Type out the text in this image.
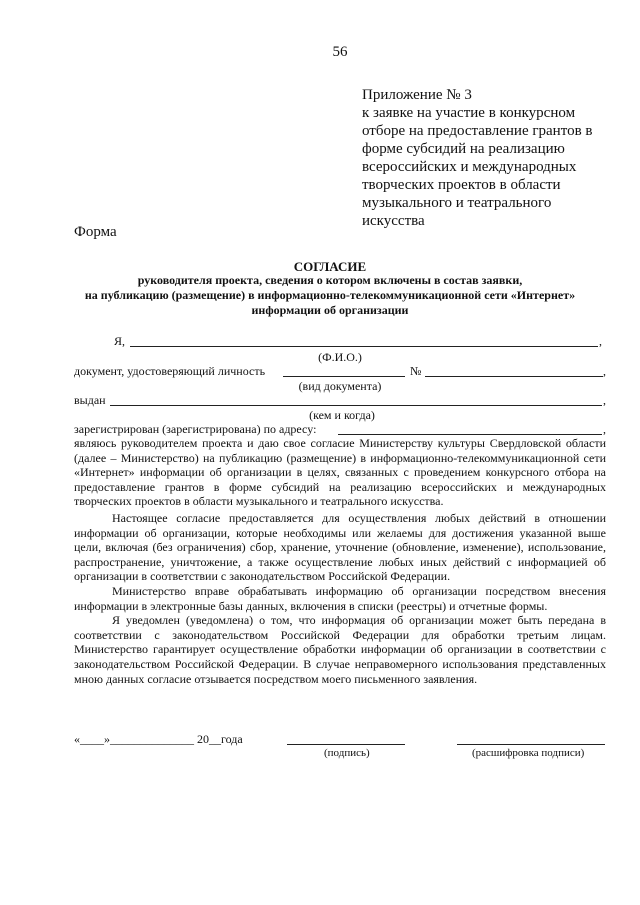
56
Приложение № 3
к заявке на участие в конкурсном
отборе на предоставление грантов в
форме субсидий на реализацию
всероссийских и международных
творческих проектов в области
музыкального и театрального
искусства
Форма
СОГЛАСИЕ
руководителя проекта, сведения о котором включены в состав заявки,
на публикацию (размещение) в информационно-телекоммуникационной сети «Интернет»
информации об организации
Я,	,
(Ф.И.О.)
документ, удостоверяющий личность	№	,
(вид документа)
выдан	,
(кем и когда)
зарегистрирован (зарегистрирована) по адресу:	,

являюсь руководителем проекта и даю свое согласие Министерству культуры Свердловской области (далее – Министерство) на публикацию (размещение) в информационно-телекоммуникационной сети «Интернет» информации об организации в целях, связанных с проведением конкурсного отбора на предоставление грантов в форме субсидий на реализацию всероссийских и международных творческих проектов в области музыкального и театрального искусства.

Настоящее согласие предоставляется для осуществления любых действий в отношении информации об организации, которые необходимы или желаемы для достижения указанной выше цели, включая (без ограничения) сбор, хранение, уточнение (обновление, изменение), использование, распространение, уничтожение, а также осуществление любых иных действий с информацией об организации в соответствии с законодательством Российской Федерации.

Министерство вправе обрабатывать информацию об организации посредством внесения информации в электронные базы данных, включения в списки (реестры) и отчетные формы.

Я уведомлен (уведомлена) о том, что информация об организации может быть передана в соответствии с законодательством Российской Федерации для обработки третьим лицам. Министерство гарантирует осуществление обработки информации об организации в соответствии с законодательством Российской Федерации. В случае неправомерного использования представленных мною данных согласие отзывается посредством моего письменного заявления.

«____»______________ 20__года
(подпись)	(расшифровка подписи)
